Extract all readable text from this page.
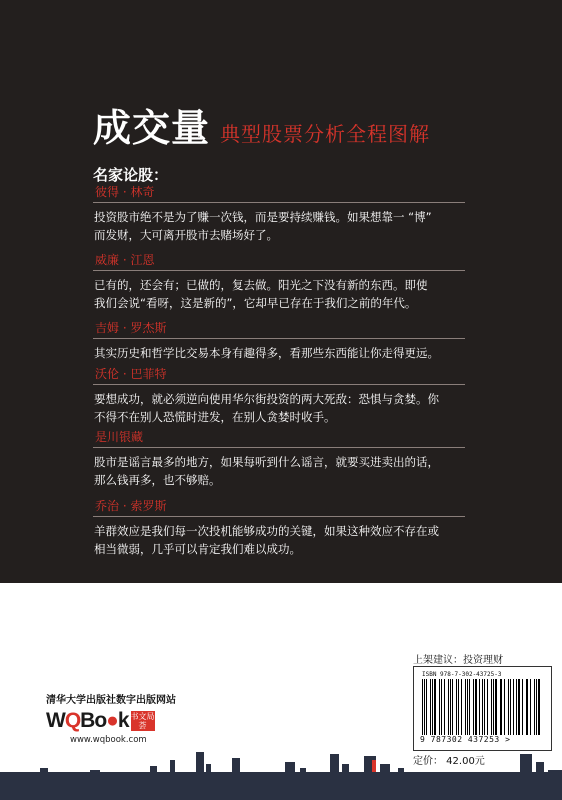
成交量 典型股票分析全程图解
名家论股：
彼得 · 林奇
投资股市绝不是为了赚一次钱，而是要持续赚钱。如果想靠一 “博”
而发财，大可离开股市去赌场好了。
威廉 · 江恩
已有的，还会有；已做的，复去做。阳光之下没有新的东西。即使
我们会说“看呀，这是新的”，它却早已存在于我们之前的年代。
吉姆 · 罗杰斯
其实历史和哲学比交易本身有趣得多，看那些东西能让你走得更远。
沃伦 · 巴菲特
要想成功，就必须逆向使用华尔街投资的两大死敌：恐惧与贪婪。你
不得不在别人恐慌时进发，在别人贪婪时收手。
是川银藏
股市是谣言最多的地方，如果每听到什么谣言，就要买进卖出的话，
那么钱再多，也不够赔。
乔治 · 索罗斯
羊群效应是我们每一次投机能够成功的关键，如果这种效应不存在或
相当微弱，几乎可以肯定我们难以成功。
清华大学出版社数字出版网站
W Q Bo ● k 书文局荟
www.wqbook.com
上架建议：投资理财
ISBN 978-7-302-43725-3
9 787302 437253 >
定价： 42.00元
